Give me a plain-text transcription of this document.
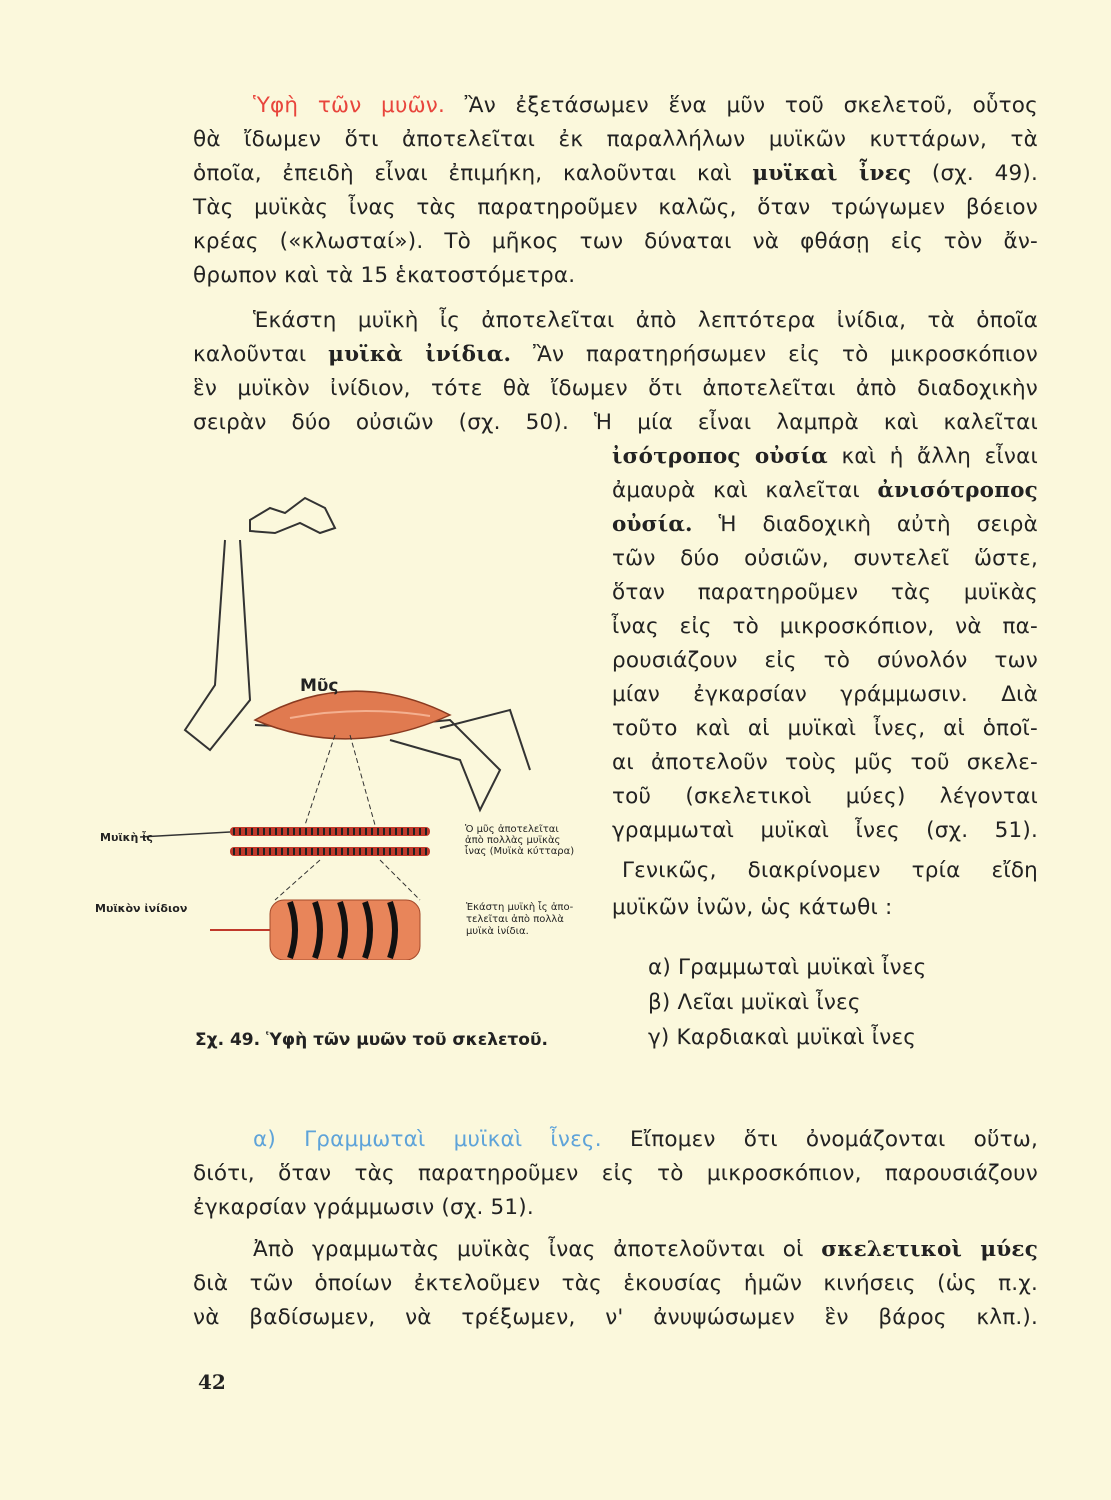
Ὑφὴ τῶν μυῶν. Ἂν ἐξετάσωμεν ἕνα μῦν τοῦ σκελετοῦ, οὗτος
θὰ ἴδωμεν ὅτι ἀποτελεῖται ἐκ παραλλήλων μυϊκῶν κυττάρων, τὰ
ὁποῖα, ἐπειδὴ εἶναι ἐπιμήκη, καλοῦνται καὶ μυϊκαὶ ἶνες (σχ. 49).
Τὰς μυϊκὰς ἶνας τὰς παρατηροῦμεν καλῶς, ὅταν τρώγωμεν βόειον
κρέας («κλωσταί»). Τὸ μῆκος των δύναται νὰ φθάσῃ εἰς τὸν ἄν-
θρωπον καὶ τὰ 15 ἑκατοστόμετρα.
Ἑκάστη μυϊκὴ ἶς ἀποτελεῖται ἀπὸ λεπτότερα ἰνίδια, τὰ ὁποῖα
καλοῦνται μυϊκὰ ἰνίδια. Ἂν παρατηρήσωμεν εἰς τὸ μικροσκόπιον
ἓν μυϊκὸν ἰνίδιον, τότε θὰ ἴδωμεν ὅτι ἀποτελεῖται ἀπὸ διαδοχικὴν
σειρὰν δύο οὐσιῶν (σχ. 50). Ἡ μία εἶναι λαμπρὰ καὶ καλεῖται
ἰσότροπος οὐσία καὶ ἡ ἄλλη εἶναι
ἀμαυρὰ καὶ καλεῖται ἀνισότροπος
οὐσία. Ἡ διαδοχικὴ αὐτὴ σειρὰ
τῶν δύο οὐσιῶν, συντελεῖ ὥστε,
ὅταν παρατηροῦμεν τὰς μυϊκὰς
ἶνας εἰς τὸ μικροσκόπιον, νὰ πα-
ρουσιάζουν εἰς τὸ σύνολόν των
μίαν ἐγκαρσίαν γράμμωσιν. Διὰ
τοῦτο καὶ αἱ μυϊκαὶ ἶνες, αἱ ὁποῖ-
αι ἀποτελοῦν τοὺς μῦς τοῦ σκελε-
τοῦ (σκελετικοὶ μύες) λέγονται
γραμμωταὶ μυϊκαὶ ἶνες (σχ. 51).
Γενικῶς, διακρίνομεν τρία εἴδη
μυϊκῶν ἰνῶν, ὡς κάτωθι :
α) Γραμμωταὶ μυϊκαὶ ἶνες
β) Λεῖαι μυϊκαὶ ἶνες
γ) Καρδιακαὶ μυϊκαὶ ἶνες
Μῦς
Μυϊκὴ ἶς
Μυϊκὸν ἰνίδιον
Ὁ μῦς ἀποτελεῖται
ἀπὸ πολλὰς μυϊκὰς
ἶνας (Μυϊκὰ κύτταρα)
Ἑκάστη μυϊκὴ ἶς ἀπο-
τελεῖται ἀπὸ πολλὰ
μυϊκὰ ἰνίδια.
Σχ. 49. Ὑφὴ τῶν μυῶν τοῦ σκελετοῦ.
α) Γραμμωταὶ μυϊκαὶ ἶνες. Εἴπομεν ὅτι ὀνομάζονται οὕτω,
διότι, ὅταν τὰς παρατηροῦμεν εἰς τὸ μικροσκόπιον, παρουσιάζουν
ἐγκαρσίαν γράμμωσιν (σχ. 51).
Ἀπὸ γραμμωτὰς μυϊκὰς ἶνας ἀποτελοῦνται οἱ σκελετικοὶ μύες
διὰ τῶν ὁποίων ἐκτελοῦμεν τὰς ἑκουσίας ἡμῶν κινήσεις (ὡς π.χ.
νὰ βαδίσωμεν, νὰ τρέξωμεν, ν' ἀνυψώσωμεν ἓν βάρος κλπ.).
42
